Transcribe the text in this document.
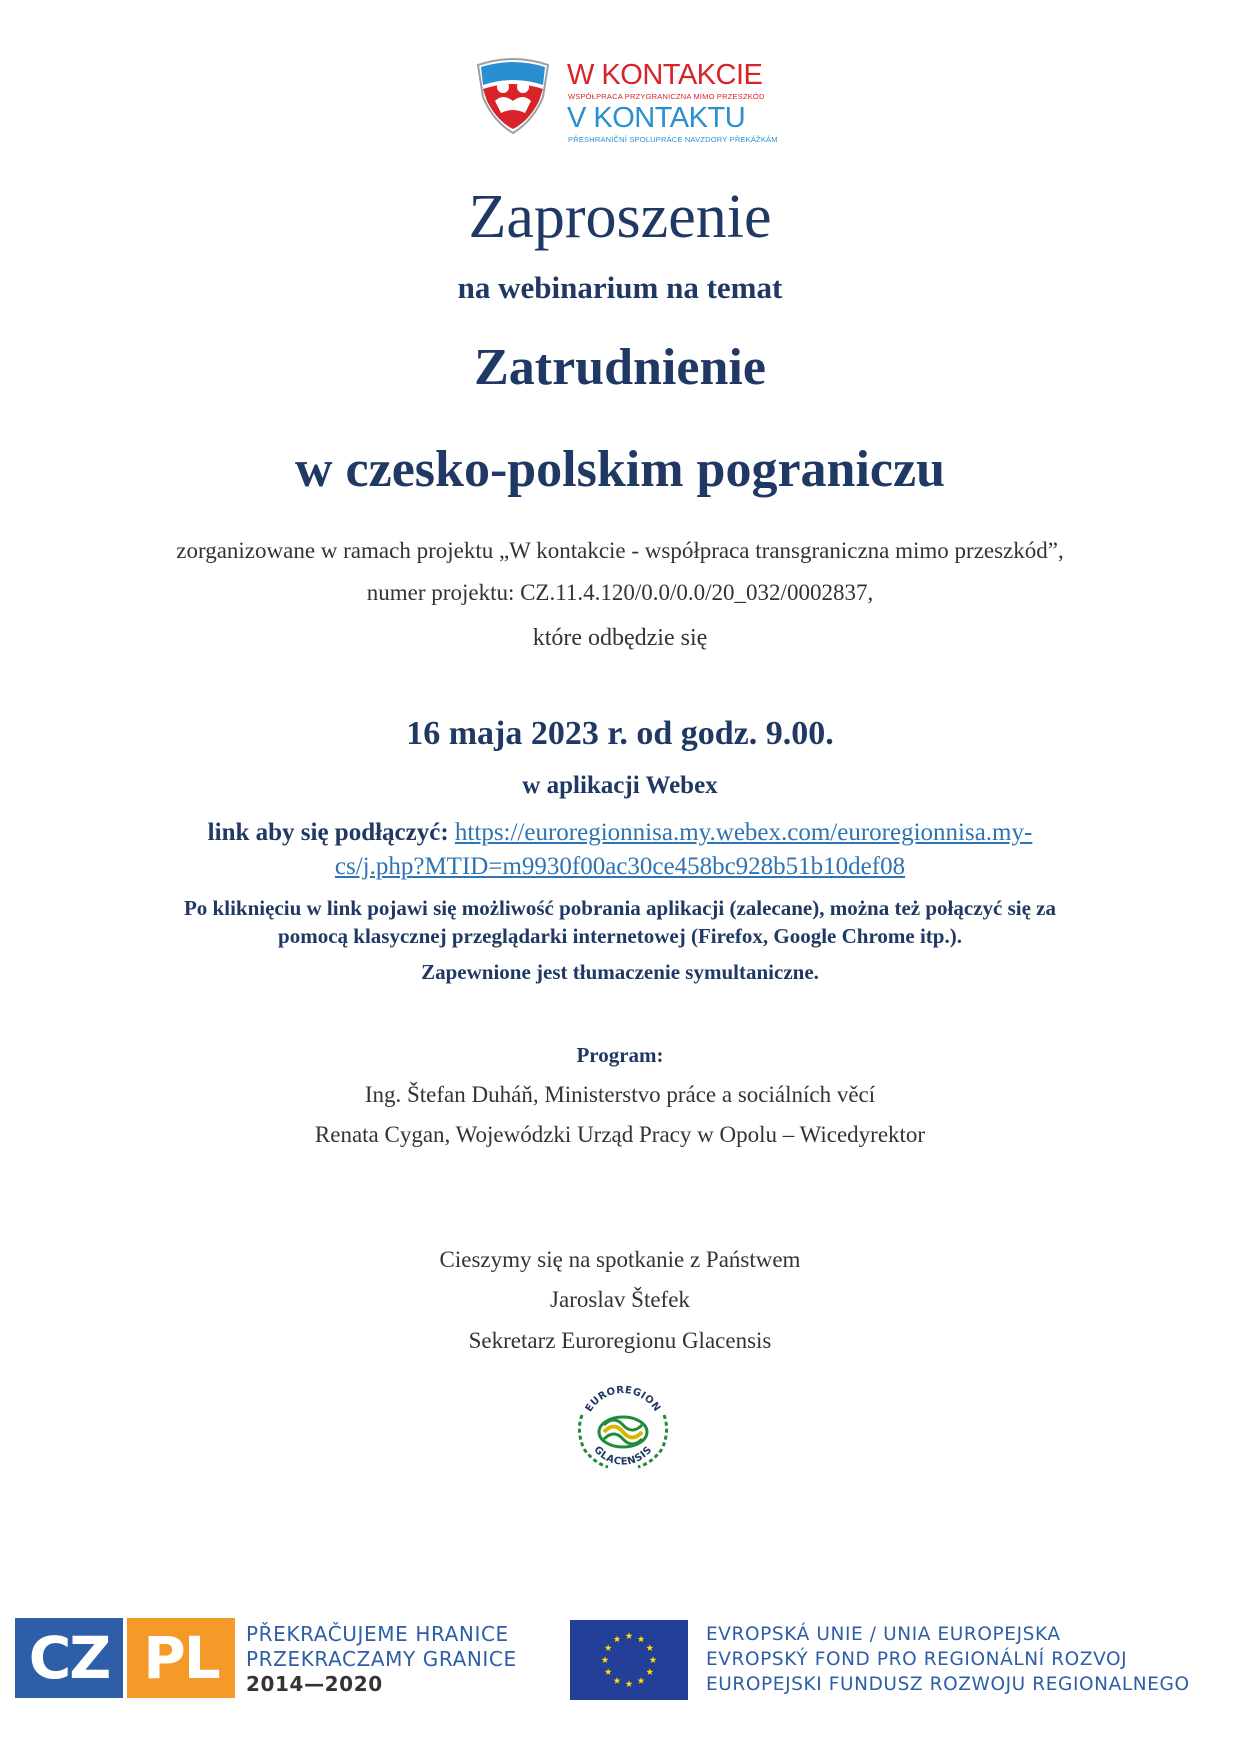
W KONTAKCIE
WSPÓŁPRACA PRZYGRANICZNA MIMO PRZESZKÓD
V KONTAKTU
PŘESHRANIČNÍ SPOLUPRÁCE NAVZDORY PŘEKÁŽKÁM
Zaproszenie
na webinarium na temat
Zatrudnienie
w czesko-polskim pograniczu
zorganizowane w ramach projektu „W kontakcie - współpraca transgraniczna mimo przeszkód”,
numer projektu: CZ.11.4.120/0.0/0.0/20_032/0002837,
które odbędzie się
16 maja 2023 r. od godz. 9.00.
w aplikacji Webex
link aby się podłączyć: https://euroregionnisa.my.webex.com/euroregionnisa.my-
cs/j.php?MTID=m9930f00ac30ce458bc928b51b10def08
Po kliknięciu w link pojawi się możliwość pobrania aplikacji (zalecane), można też połączyć się za
pomocą klasycznej przeglądarki internetowej (Firefox, Google Chrome itp.).
Zapewnione jest tłumaczenie symultaniczne.
Program:
Ing. Štefan Duháň, Ministerstvo práce a sociálních věcí
Renata Cygan, Wojewódzki Urząd Pracy w Opolu – Wicedyrektor
Cieszymy się na spotkanie z Państwem
Jaroslav Štefek
Sekretarz Euroregionu Glacensis
EUROREGION
GLACENSIS
CZ PL	PŘEKRAČUJEME HRANICE
PRZEKRACZAMY GRANICE
2014—2020
EVROPSKÁ UNIE / UNIA EUROPEJSKA
EVROPSKÝ FOND PRO REGIONÁLNÍ ROZVOJ
EUROPEJSKI FUNDUSZ ROZWOJU REGIONALNEGO
